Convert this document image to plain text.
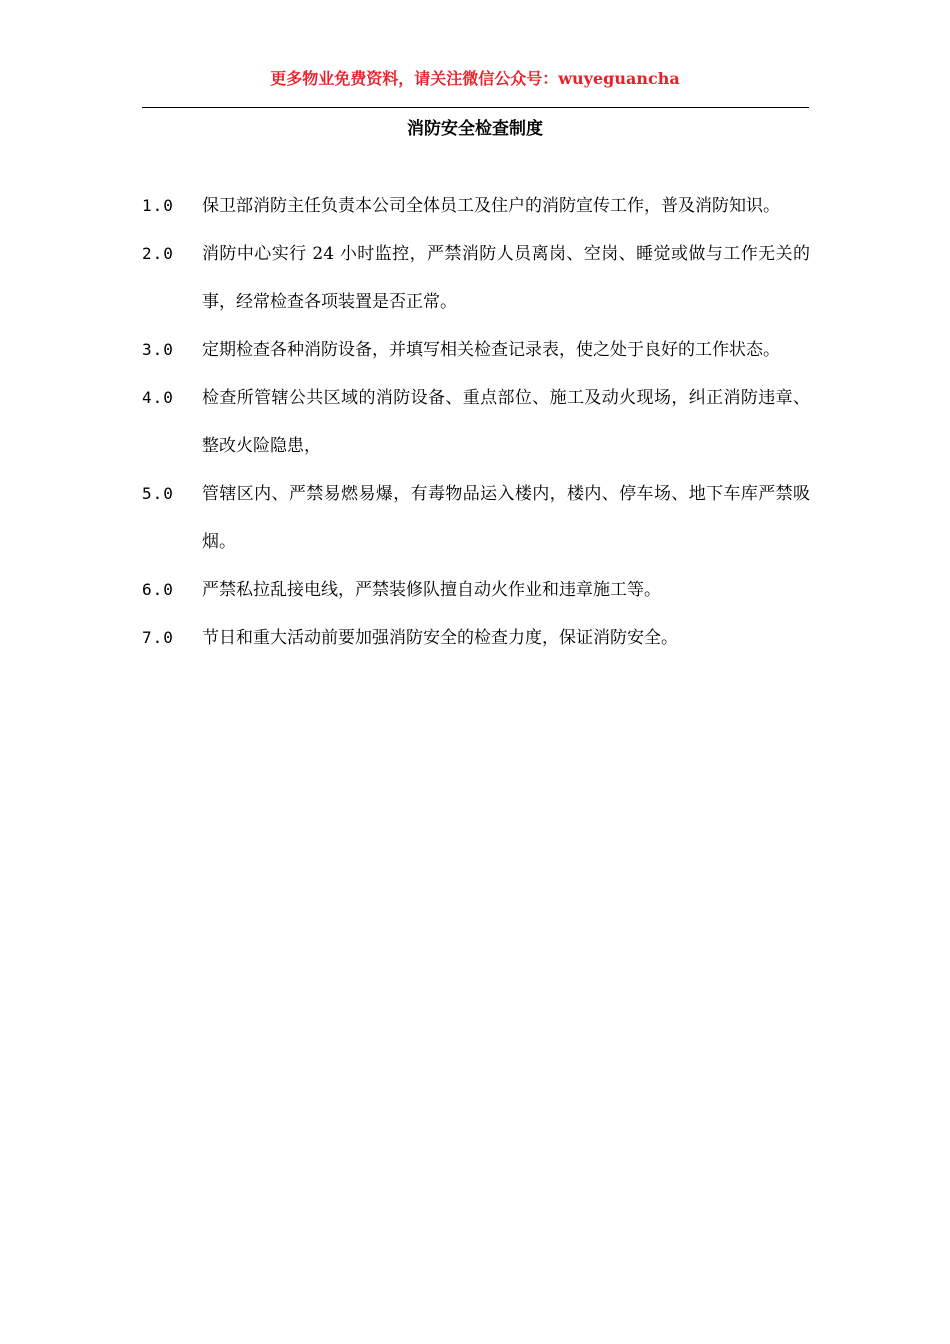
更多物业免费资料，请关注微信公众号：wuyeguancha
消防安全检查制度
1.0	保卫部消防主任负责本公司全体员工及住户的消防宣传工作，普及消防知识。
2.0	消防中心实行 24 小时监控，严禁消防人员离岗、空岗、睡觉或做与工作无关的事，经常检查各项装置是否正常。
3.0	定期检查各种消防设备，并填写相关检查记录表，使之处于良好的工作状态。
4.0	检查所管辖公共区域的消防设备、重点部位、施工及动火现场，纠正消防违章、整改火险隐患，
5.0	管辖区内、严禁易燃易爆，有毒物品运入楼内，楼内、停车场、地下车库严禁吸烟。
6.0	严禁私拉乱接电线，严禁装修队擅自动火作业和违章施工等。
7.0	节日和重大活动前要加强消防安全的检查力度，保证消防安全。
